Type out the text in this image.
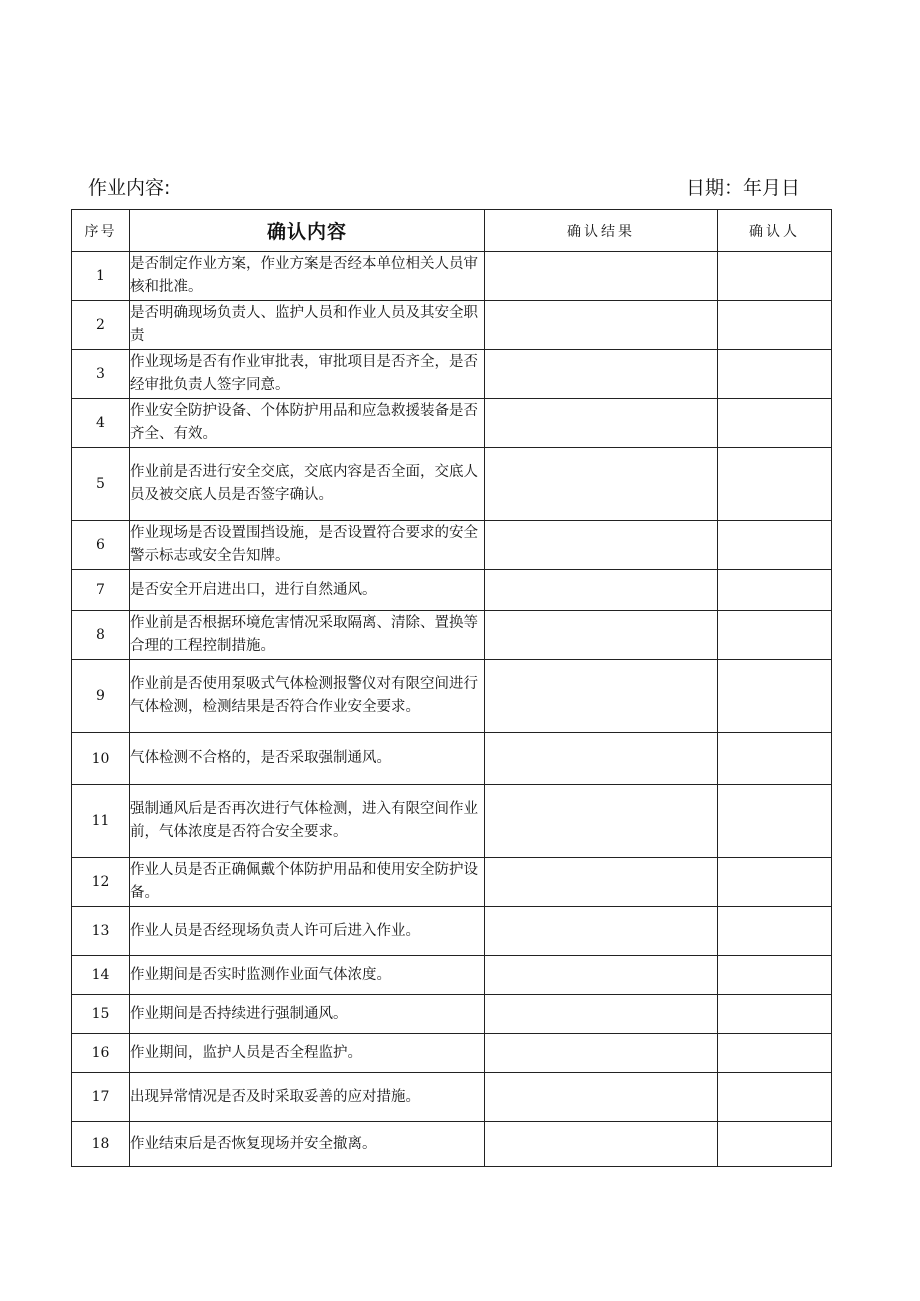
作业内容:	日期：年月日
序号	确认内容	确认结果	确认人
1	是否制定作业方案，作业方案是否经本单位相关人员审核和批准。		
2	是否明确现场负责人、监护人员和作业人员及其安全职责		
3	作业现场是否有作业审批表，审批项目是否齐全，是否经审批负责人签字同意。		
4	作业安全防护设备、个体防护用品和应急救援装备是否齐全、有效。		
5	作业前是否进行安全交底，交底内容是否全面，交底人员及被交底人员是否签字确认。		
6	作业现场是否设置围挡设施，是否设置符合要求的安全警示标志或安全告知牌。		
7	是否安全开启进出口，进行自然通风。		
8	作业前是否根据环境危害情况采取隔离、清除、置换等合理的工程控制措施。		
9	作业前是否使用泵吸式气体检测报警仪对有限空间进行气体检测，检测结果是否符合作业安全要求。		
10	气体检测不合格的，是否采取强制通风。		
11	强制通风后是否再次进行气体检测，进入有限空间作业前，气体浓度是否符合安全要求。		
12	作业人员是否正确佩戴个体防护用品和使用安全防护设备。		
13	作业人员是否经现场负责人许可后进入作业。		
14	作业期间是否实时监测作业面气体浓度。		
15	作业期间是否持续进行强制通风。		
16	作业期间，监护人员是否全程监护。		
17	出现异常情况是否及时采取妥善的应对措施。		
18	作业结束后是否恢复现场并安全撤离。		
